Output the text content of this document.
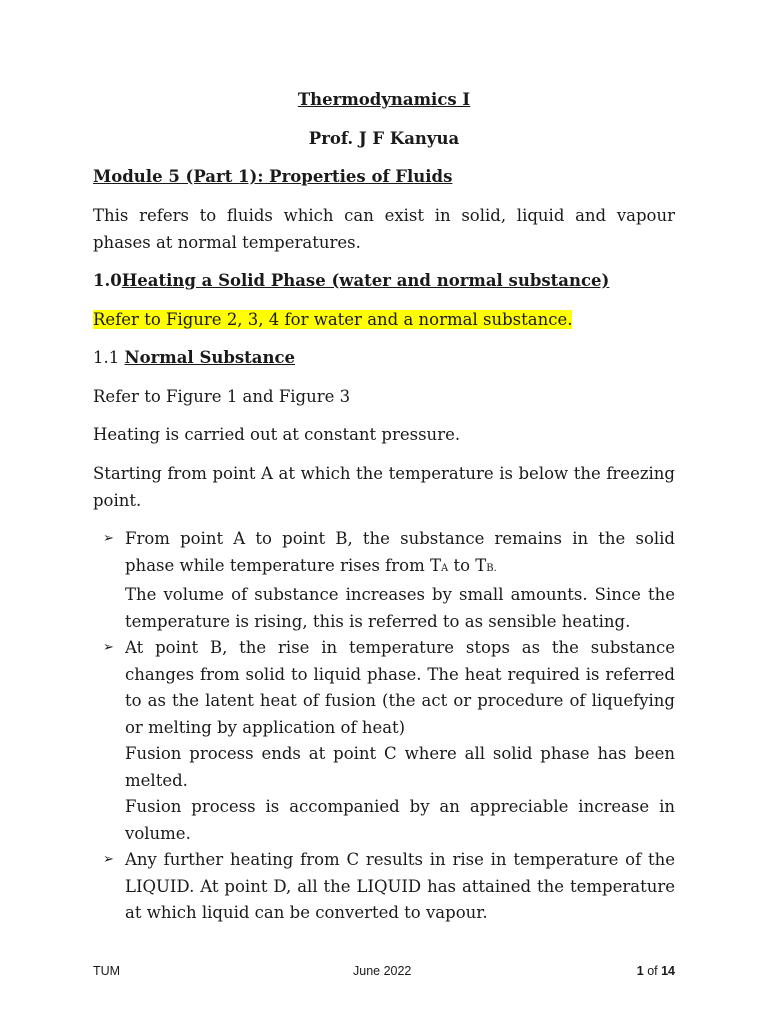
Thermodynamics I
Prof. J F Kanyua
Module 5 (Part 1): Properties of Fluids
This refers to fluids which can exist in solid, liquid and vapour phases at normal temperatures.
1.0Heating a Solid Phase (water and normal substance)
Refer to Figure 2, 3, 4 for water and a normal substance.
1.1 Normal Substance
Refer to Figure 1 and Figure 3
Heating is carried out at constant pressure.
Starting from point A at which the temperature is below the freezing point.
➢ From point A to point B, the substance remains in the solid phase while temperature rises from TA to TB.

The volume of substance increases by small amounts. Since the temperature is rising, this is referred to as sensible heating.

➢ At point B, the rise in temperature stops as the substance changes from solid to liquid phase. The heat required is referred to as the latent heat of fusion (the act or procedure of liquefying or melting by application of heat)

Fusion process ends at point C where all solid phase has been melted.

Fusion process is accompanied by an appreciable increase in volume.

➢ Any further heating from C results in rise in temperature of the LIQUID. At point D, all the LIQUID has attained the temperature at which liquid can be converted to vapour.

TUM	June 2022	1 of 14
